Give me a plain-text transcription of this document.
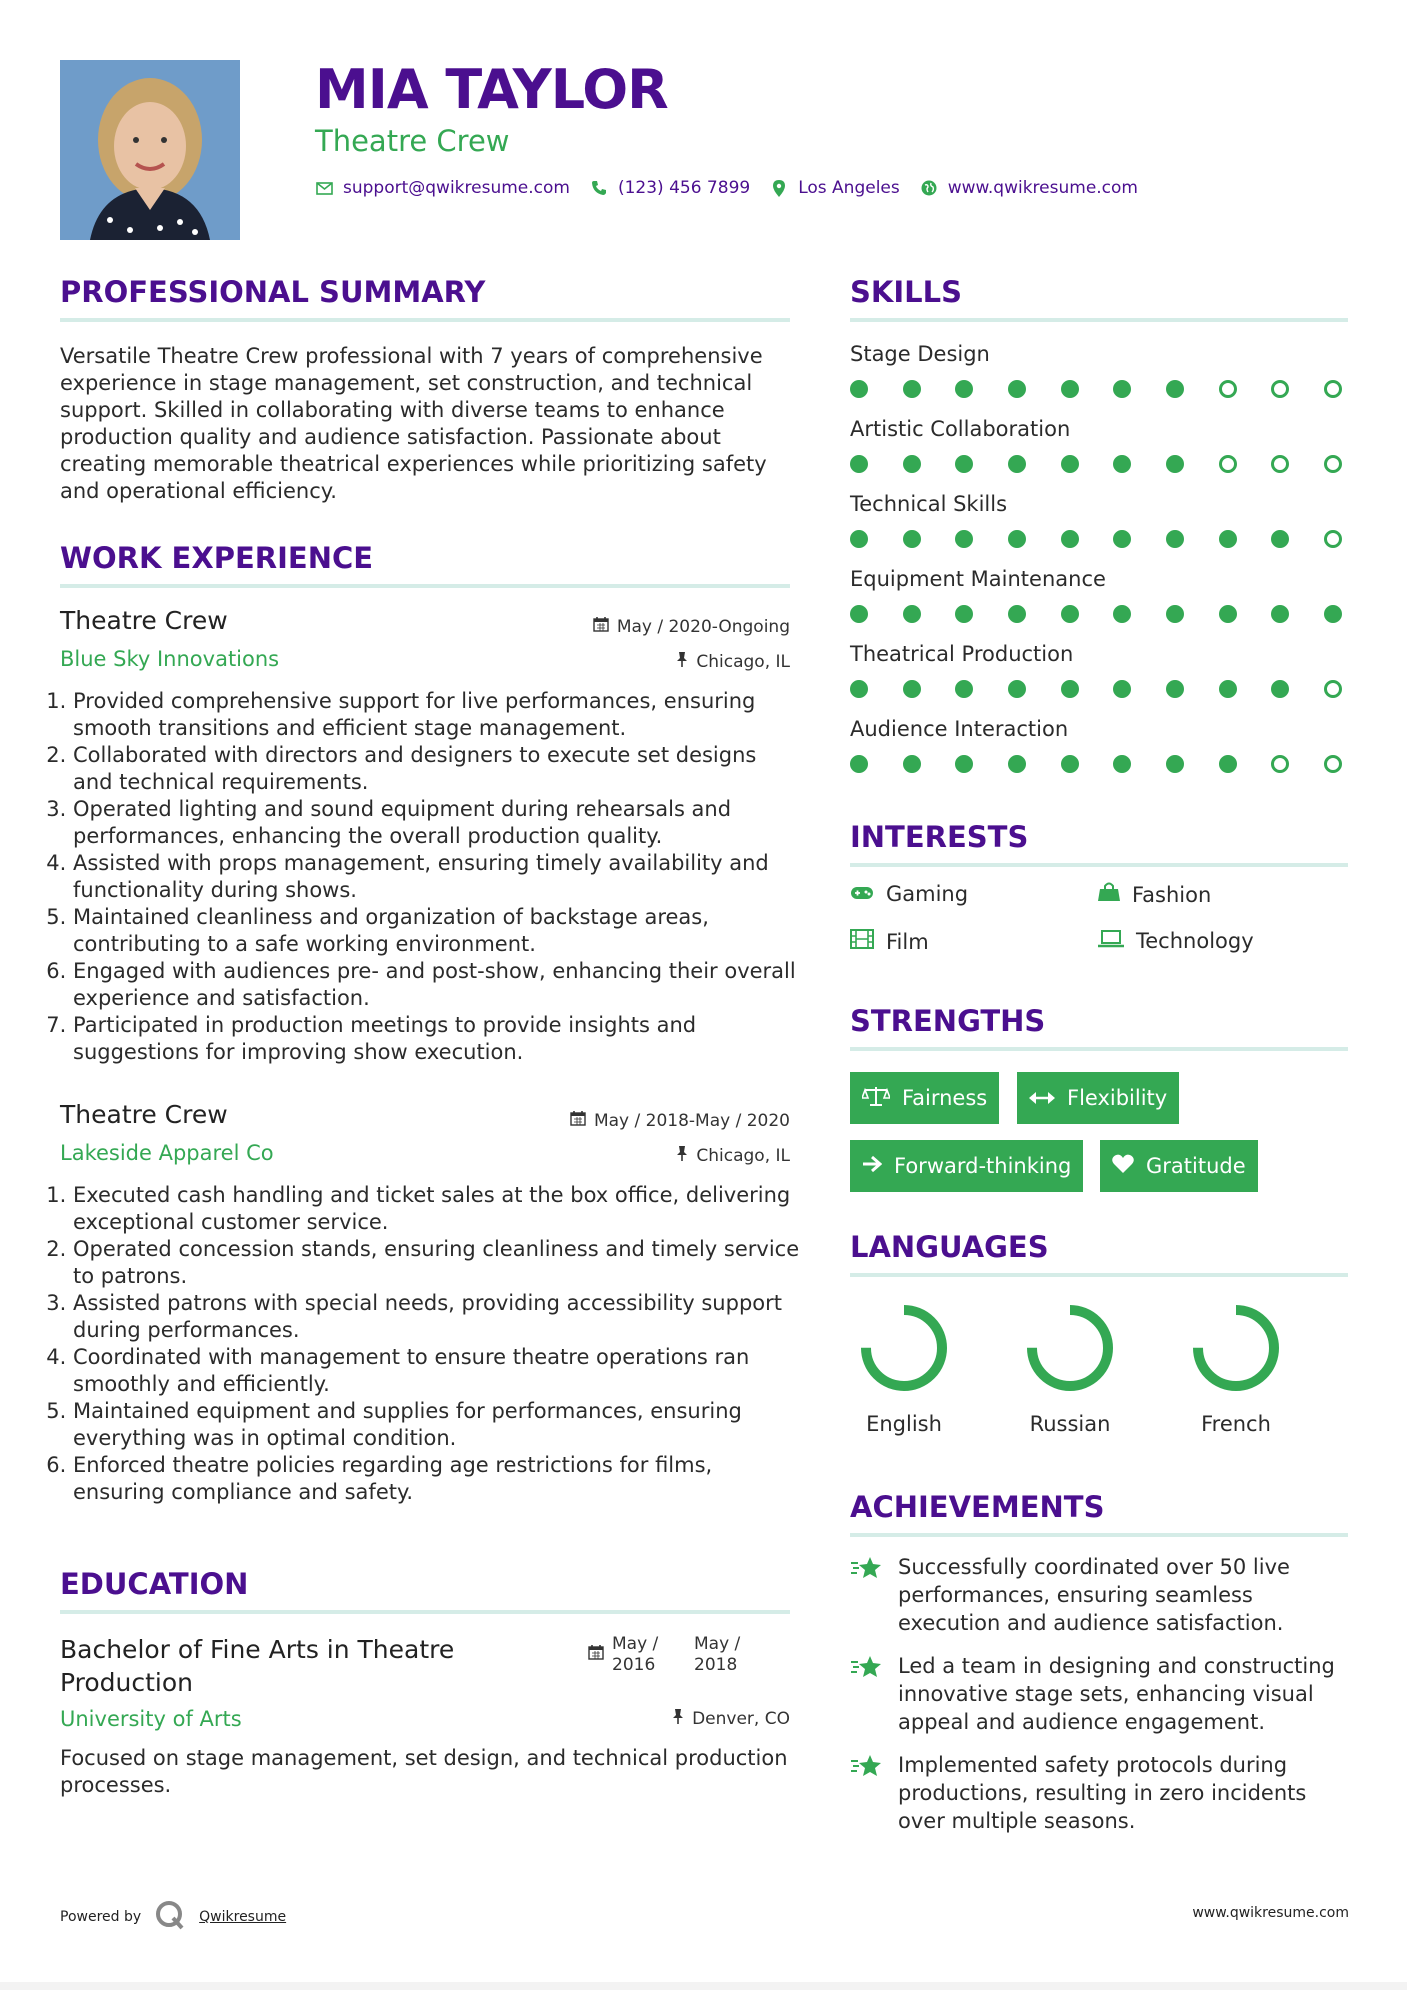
MIA TAYLOR
Theatre Crew
support@qwikresume.com	(123) 456 7899	Los Angeles	www.qwikresume.com
PROFESSIONAL SUMMARY
Versatile Theatre Crew professional with 7 years of comprehensive experience in stage management, set construction, and technical support. Skilled in collaborating with diverse teams to enhance production quality and audience satisfaction. Passionate about creating memorable theatrical experiences while prioritizing safety and operational efficiency.
WORK EXPERIENCE
Theatre Crew	May / 2020-Ongoing
Blue Sky Innovations	Chicago, IL
1. Provided comprehensive support for live performances, ensuring smooth transitions and efficient stage management.
2. Collaborated with directors and designers to execute set designs and technical requirements.
3. Operated lighting and sound equipment during rehearsals and performances, enhancing the overall production quality.
4. Assisted with props management, ensuring timely availability and functionality during shows.
5. Maintained cleanliness and organization of backstage areas, contributing to a safe working environment.
6. Engaged with audiences pre- and post-show, enhancing their overall experience and satisfaction.
7. Participated in production meetings to provide insights and suggestions for improving show execution.
Theatre Crew	May / 2018-May / 2020
Lakeside Apparel Co	Chicago, IL
1. Executed cash handling and ticket sales at the box office, delivering exceptional customer service.
2. Operated concession stands, ensuring cleanliness and timely service to patrons.
3. Assisted patrons with special needs, providing accessibility support during performances.
4. Coordinated with management to ensure theatre operations ran smoothly and efficiently.
5. Maintained equipment and supplies for performances, ensuring everything was in optimal condition.
6. Enforced theatre policies regarding age restrictions for films, ensuring compliance and safety.
EDUCATION
Bachelor of Fine Arts in Theatre Production
May / 2016
May / 2018
University of Arts	Denver, CO
Focused on stage management, set design, and technical production processes.
SKILLS
Stage Design
Artistic Collaboration
Technical Skills
Equipment Maintenance
Theatrical Production
Audience Interaction
INTERESTS
Gaming	Fashion
Film	Technology
STRENGTHS
Fairness	Flexibility
Forward-thinking	Gratitude
LANGUAGES
English	Russian	French
ACHIEVEMENTS
Successfully coordinated over 50 live performances, ensuring seamless execution and audience satisfaction.
Led a team in designing and constructing innovative stage sets, enhancing visual appeal and audience engagement.
Implemented safety protocols during productions, resulting in zero incidents over multiple seasons.
Powered by	Qwikresume	www.qwikresume.com
